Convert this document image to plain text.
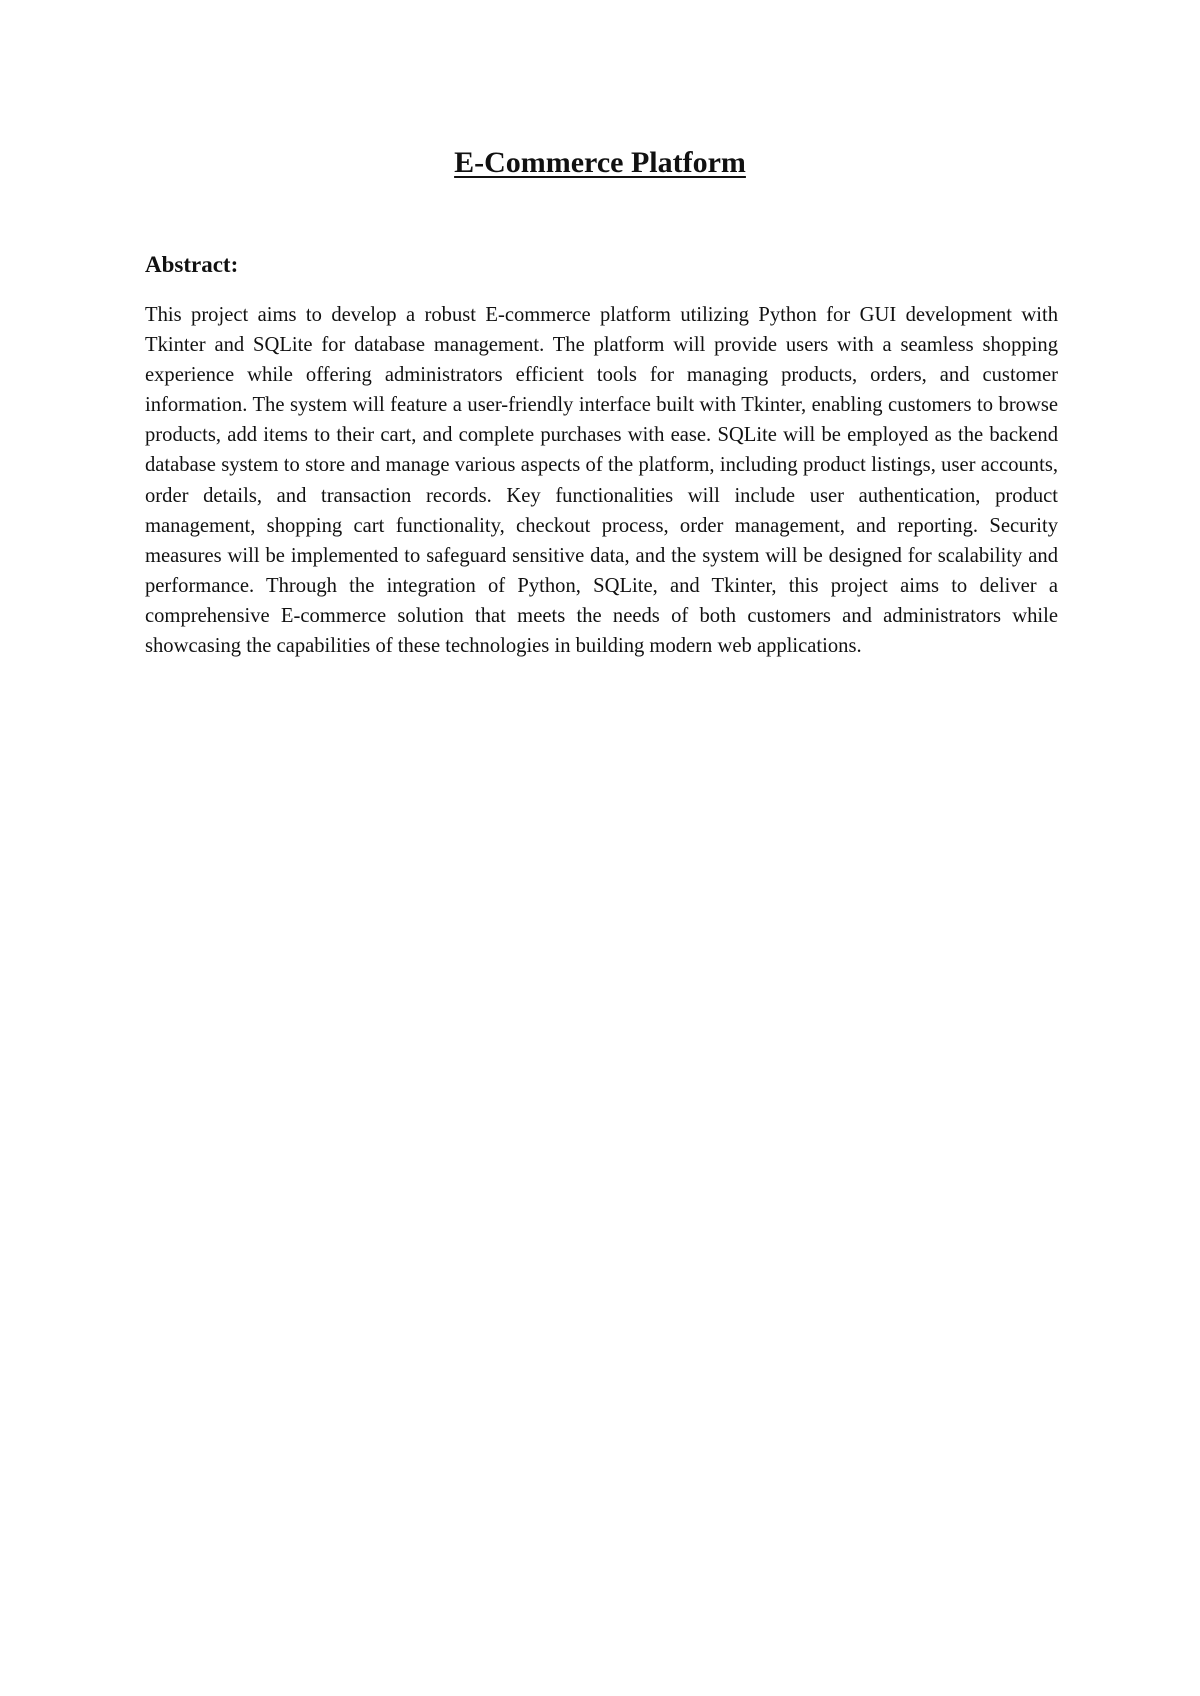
E-Commerce Platform
Abstract:

This project aims to develop a robust E-commerce platform utilizing Python for GUI development with Tkinter and SQLite for database management. The platform will provide users with a seamless shopping experience while offering administrators efficient tools for managing products, orders, and customer information. The system will feature a user-friendly interface built with Tkinter, enabling customers to browse products, add items to their cart, and complete purchases with ease. SQLite will be employed as the backend database system to store and manage various aspects of the platform, including product listings, user accounts, order details, and transaction records. Key functionalities will include user authentication, product management, shopping cart functionality, checkout process, order management, and reporting. Security measures will be implemented to safeguard sensitive data, and the system will be designed for scalability and performance. Through the integration of Python, SQLite, and Tkinter, this project aims to deliver a comprehensive E-commerce solution that meets the needs of both customers and administrators while showcasing the capabilities of these technologies in building modern web applications.
